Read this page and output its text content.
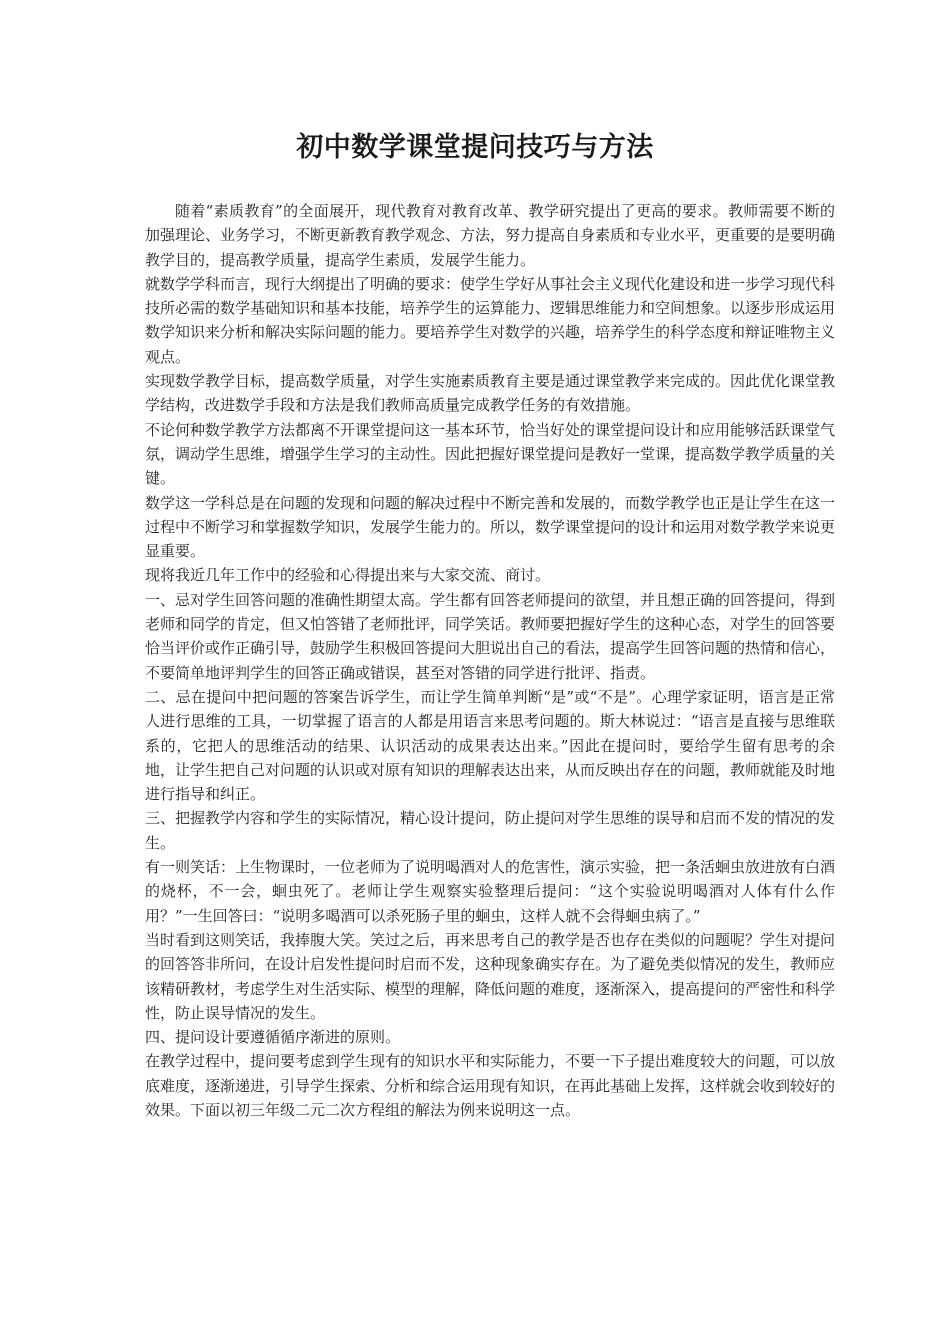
初中数学课堂提问技巧与方法

随着“素质教育”的全面展开，现代教育对教育改革、教学研究提出了更高的要求。教师需要不断的加强理论、业务学习，不断更新教育教学观念、方法，努力提高自身素质和专业水平，更重要的是要明确教学目的，提高教学质量，提高学生素质，发展学生能力。

就数学学科而言，现行大纲提出了明确的要求：使学生学好从事社会主义现代化建设和进一步学习现代科技所必需的数学基础知识和基本技能，培养学生的运算能力、逻辑思维能力和空间想象。以逐步形成运用数学知识来分析和解决实际问题的能力。要培养学生对数学的兴趣，培养学生的科学态度和辩证唯物主义观点。

实现数学教学目标，提高数学质量，对学生实施素质教育主要是通过课堂教学来完成的。因此优化课堂教学结构，改进数学手段和方法是我们教师高质量完成教学任务的有效措施。

不论何种数学教学方法都离不开课堂提问这一基本环节，恰当好处的课堂提问设计和应用能够活跃课堂气氛，调动学生思维，增强学生学习的主动性。因此把握好课堂提问是教好一堂课，提高数学教学质量的关键。

数学这一学科总是在问题的发现和问题的解决过程中不断完善和发展的，而数学教学也正是让学生在这一过程中不断学习和掌握数学知识，发展学生能力的。所以，数学课堂提问的设计和运用对数学教学来说更显重要。

现将我近几年工作中的经验和心得提出来与大家交流、商讨。

一、忌对学生回答问题的准确性期望太高。学生都有回答老师提问的欲望，并且想正确的回答提问，得到老师和同学的肯定，但又怕答错了老师批评，同学笑话。教师要把握好学生的这种心态，对学生的回答要恰当评价或作正确引导，鼓励学生积极回答提问大胆说出自己的看法，提高学生回答问题的热情和信心，不要简单地评判学生的回答正确或错误，甚至对答错的同学进行批评、指责。

二、忌在提问中把问题的答案告诉学生，而让学生简单判断“是”或“不是”。心理学家证明，语言是正常人进行思维的工具，一切掌握了语言的人都是用语言来思考问题的。斯大林说过：“语言是直接与思维联系的，它把人的思维活动的结果、认识活动的成果表达出来。”因此在提问时，要给学生留有思考的余地，让学生把自己对问题的认识或对原有知识的理解表达出来，从而反映出存在的问题，教师就能及时地进行指导和纠正。

三、把握教学内容和学生的实际情况，精心设计提问，防止提问对学生思维的误导和启而不发的情况的发生。

有一则笑话：上生物课时，一位老师为了说明喝酒对人的危害性，演示实验，把一条活蛔虫放进放有白酒的烧杯，不一会，蛔虫死了。老师让学生观察实验整理后提问：“这个实验说明喝酒对人体有什么作用？”一生回答曰：“说明多喝酒可以杀死肠子里的蛔虫，这样人就不会得蛔虫病了。”

当时看到这则笑话，我捧腹大笑。笑过之后，再来思考自己的教学是否也存在类似的问题呢？学生对提问的回答答非所问，在设计启发性提问时启而不发，这种现象确实存在。为了避免类似情况的发生，教师应该精研教材，考虑学生对生活实际、模型的理解，降低问题的难度，逐渐深入，提高提问的严密性和科学性，防止误导情况的发生。

四、提问设计要遵循循序渐进的原则。

在教学过程中，提问要考虑到学生现有的知识水平和实际能力，不要一下子提出难度较大的问题，可以放底难度，逐渐递进，引导学生探索、分析和综合运用现有知识，在再此基础上发挥，这样就会收到较好的效果。下面以初三年级二元二次方程组的解法为例来说明这一点。
